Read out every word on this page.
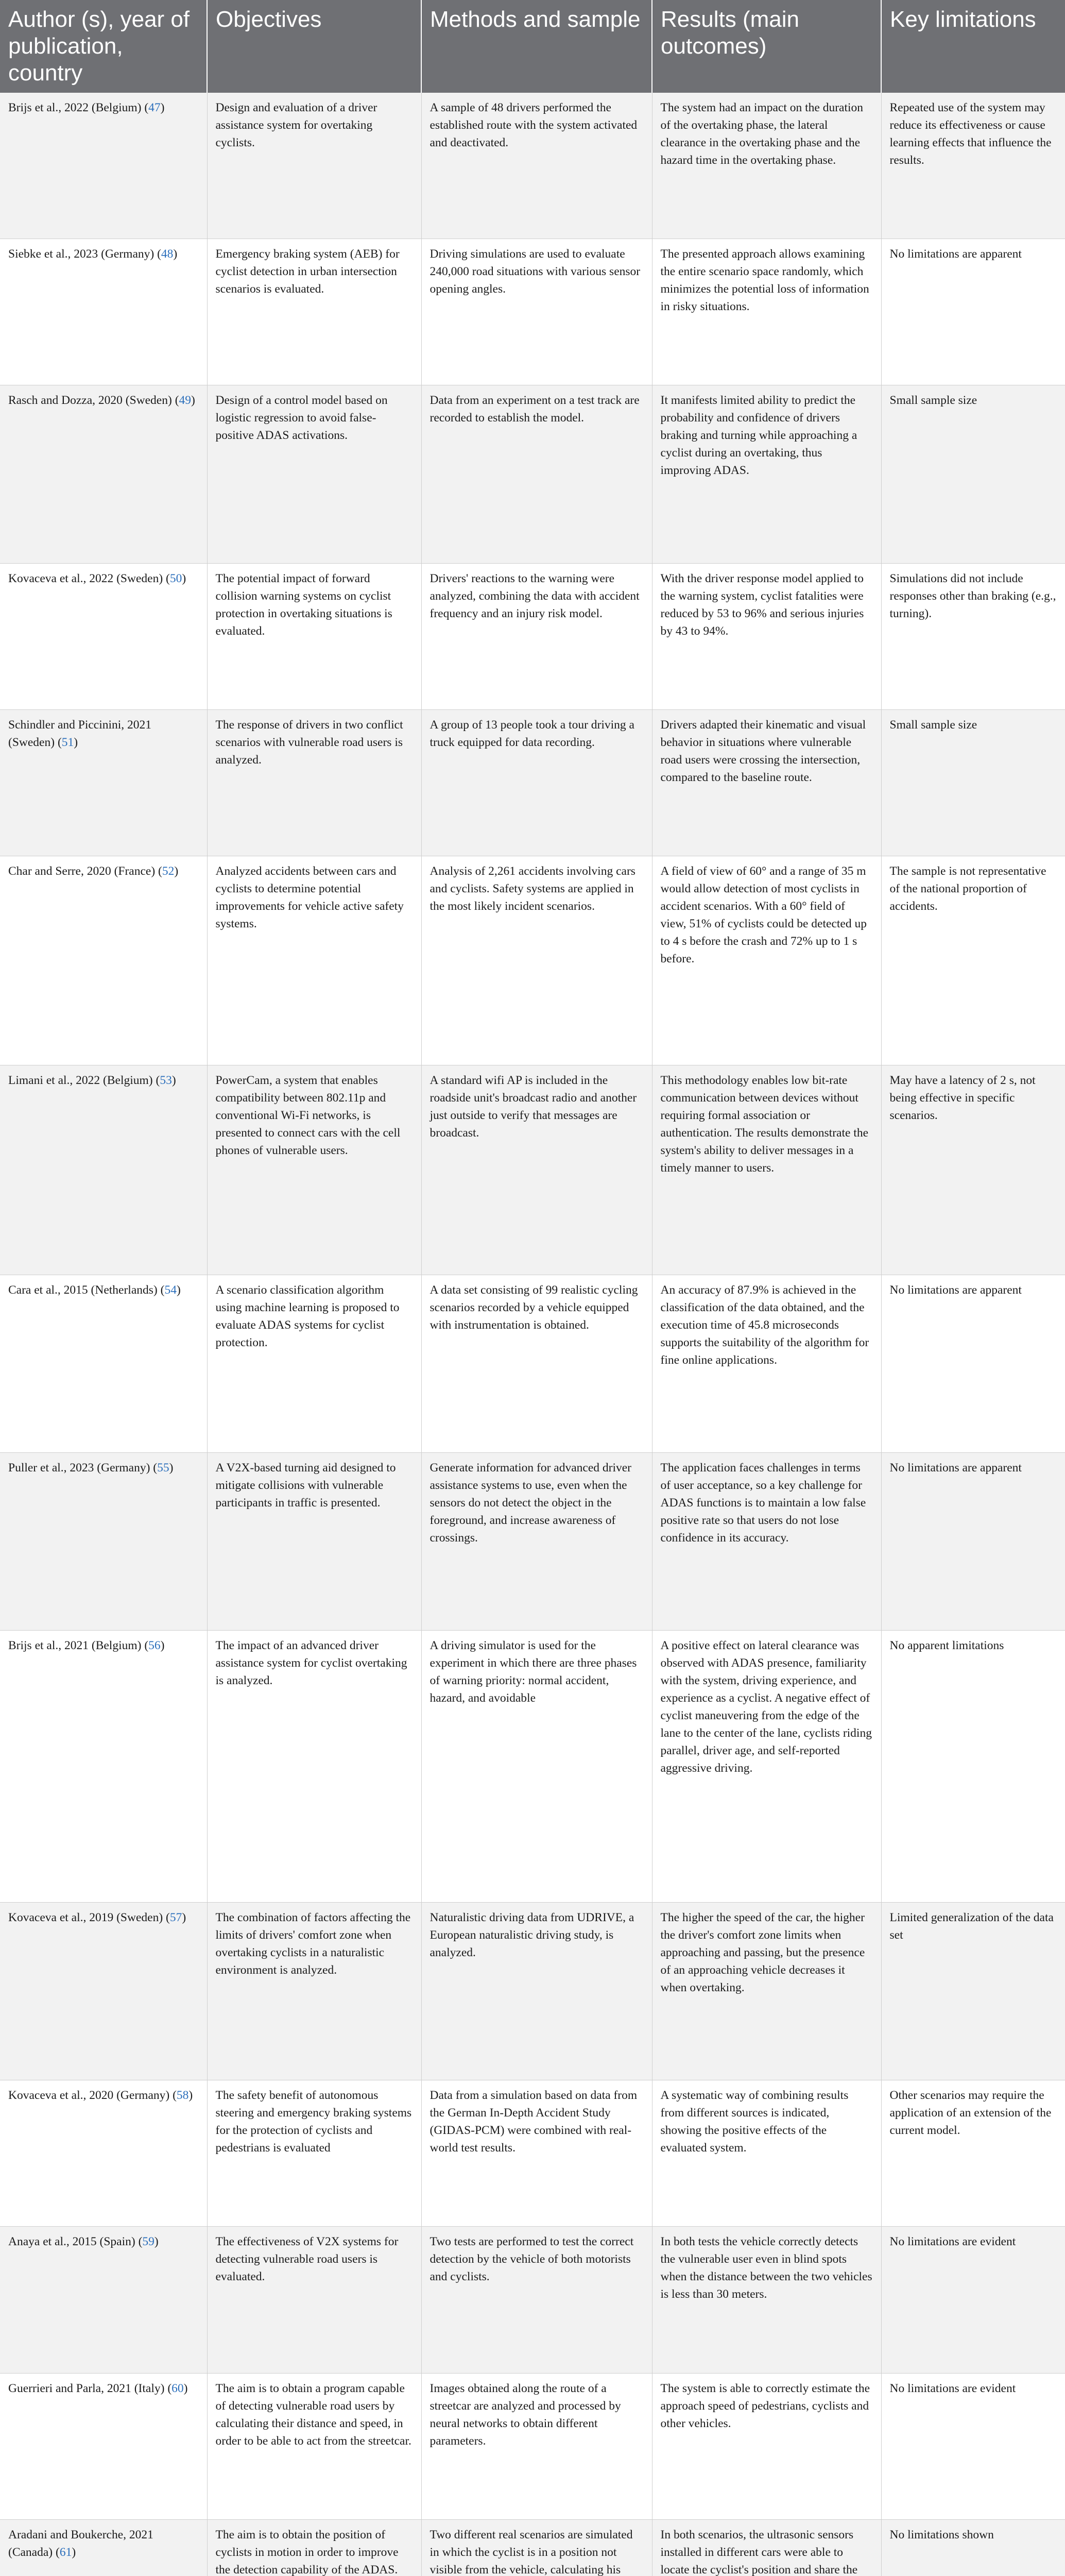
Author (s), year of publication, country	Objectives	Methods and sample	Results (main outcomes)	Key limitations
Brijs et al., 2022 (Belgium) (47)	Design and evaluation of a driver assistance system for overtaking cyclists.	A sample of 48 drivers performed the established route with the system activated and deactivated.	The system had an impact on the duration of the overtaking phase, the lateral clearance in the overtaking phase and the hazard time in the overtaking phase.	Repeated use of the system may reduce its effectiveness or cause learning effects that influence the results.
Siebke et al., 2023 (Germany) (48)	Emergency braking system (AEB) for cyclist detection in urban intersection scenarios is evaluated.	Driving simulations are used to evaluate 240,000 road situations with various sensor opening angles.	The presented approach allows examining the entire scenario space randomly, which minimizes the potential loss of information in risky situations.	No limitations are apparent
Rasch and Dozza, 2020 (Sweden) (49)	Design of a control model based on logistic regression to avoid false-positive ADAS activations.	Data from an experiment on a test track are recorded to establish the model.	It manifests limited ability to predict the probability and confidence of drivers braking and turning while approaching a cyclist during an overtaking, thus improving ADAS.	Small sample size
Kovaceva et al., 2022 (Sweden) (50)	The potential impact of forward collision warning systems on cyclist protection in overtaking situations is evaluated.	Drivers' reactions to the warning were analyzed, combining the data with accident frequency and an injury risk model.	With the driver response model applied to the warning system, cyclist fatalities were reduced by 53 to 96% and serious injuries by 43 to 94%.	Simulations did not include responses other than braking (e.g., turning).
Schindler and Piccinini, 2021 (Sweden) (51)	The response of drivers in two conflict scenarios with vulnerable road users is analyzed.	A group of 13 people took a tour driving a truck equipped for data recording.	Drivers adapted their kinematic and visual behavior in situations where vulnerable road users were crossing the intersection, compared to the baseline route.	Small sample size
Char and Serre, 2020 (France) (52)	Analyzed accidents between cars and cyclists to determine potential improvements for vehicle active safety systems.	Analysis of 2,261 accidents involving cars and cyclists. Safety systems are applied in the most likely incident scenarios.	A field of view of 60° and a range of 35 m would allow detection of most cyclists in accident scenarios. With a 60° field of view, 51% of cyclists could be detected up to 4 s before the crash and 72% up to 1 s before.	The sample is not representative of the national proportion of accidents.
Limani et al., 2022 (Belgium) (53)	PowerCam, a system that enables compatibility between 802.11p and conventional Wi-Fi networks, is presented to connect cars with the cell phones of vulnerable users.	A standard wifi AP is included in the roadside unit's broadcast radio and another just outside to verify that messages are broadcast.	This methodology enables low bit-rate communication between devices without requiring formal association or authentication. The results demonstrate the system's ability to deliver messages in a timely manner to users.	May have a latency of 2 s, not being effective in specific scenarios.
Cara et al., 2015 (Netherlands) (54)	A scenario classification algorithm using machine learning is proposed to evaluate ADAS systems for cyclist protection.	A data set consisting of 99 realistic cycling scenarios recorded by a vehicle equipped with instrumentation is obtained.	An accuracy of 87.9% is achieved in the classification of the data obtained, and the execution time of 45.8 microseconds supports the suitability of the algorithm for fine online applications.	No limitations are apparent
Puller et al., 2023 (Germany) (55)	A V2X-based turning aid designed to mitigate collisions with vulnerable participants in traffic is presented.	Generate information for advanced driver assistance systems to use, even when the sensors do not detect the object in the foreground, and increase awareness of crossings.	The application faces challenges in terms of user acceptance, so a key challenge for ADAS functions is to maintain a low false positive rate so that users do not lose confidence in its accuracy.	No limitations are apparent
Brijs et al., 2021 (Belgium) (56)	The impact of an advanced driver assistance system for cyclist overtaking is analyzed.	A driving simulator is used for the experiment in which there are three phases of warning priority: normal accident, hazard, and avoidable	A positive effect on lateral clearance was observed with ADAS presence, familiarity with the system, driving experience, and experience as a cyclist. A negative effect of cyclist maneuvering from the edge of the lane to the center of the lane, cyclists riding parallel, driver age, and self-reported aggressive driving.	No apparent limitations
Kovaceva et al., 2019 (Sweden) (57)	The combination of factors affecting the limits of drivers' comfort zone when overtaking cyclists in a naturalistic environment is analyzed.	Naturalistic driving data from UDRIVE, a European naturalistic driving study, is analyzed.	The higher the speed of the car, the higher the driver's comfort zone limits when approaching and passing, but the presence of an approaching vehicle decreases it when overtaking.	Limited generalization of the data set
Kovaceva et al., 2020 (Germany) (58)	The safety benefit of autonomous steering and emergency braking systems for the protection of cyclists and pedestrians is evaluated	Data from a simulation based on data from the German In-Depth Accident Study (GIDAS-PCM) were combined with real-world test results.	A systematic way of combining results from different sources is indicated, showing the positive effects of the evaluated system.	Other scenarios may require the application of an extension of the current model.
Anaya et al., 2015 (Spain) (59)	The effectiveness of V2X systems for detecting vulnerable road users is evaluated.	Two tests are performed to test the correct detection by the vehicle of both motorists and cyclists.	In both tests the vehicle correctly detects the vulnerable user even in blind spots when the distance between the two vehicles is less than 30 meters.	No limitations are evident
Guerrieri and Parla, 2021 (Italy) (60)	The aim is to obtain a program capable of detecting vulnerable road users by calculating their distance and speed, in order to be able to act from the streetcar.	Images obtained along the route of a streetcar are analyzed and processed by neural networks to obtain different parameters.	The system is able to correctly estimate the approach speed of pedestrians, cyclists and other vehicles.	No limitations are evident
Aradani and Boukerche, 2021 (Canada) (61)	The aim is to obtain the position of cyclists in motion in order to improve the detection capability of the ADAS.	Two different real scenarios are simulated in which the cyclist is in a position not visible from the vehicle, calculating his	In both scenarios, the ultrasonic sensors installed in different cars were able to locate the cyclist's position and share the	No limitations shown
